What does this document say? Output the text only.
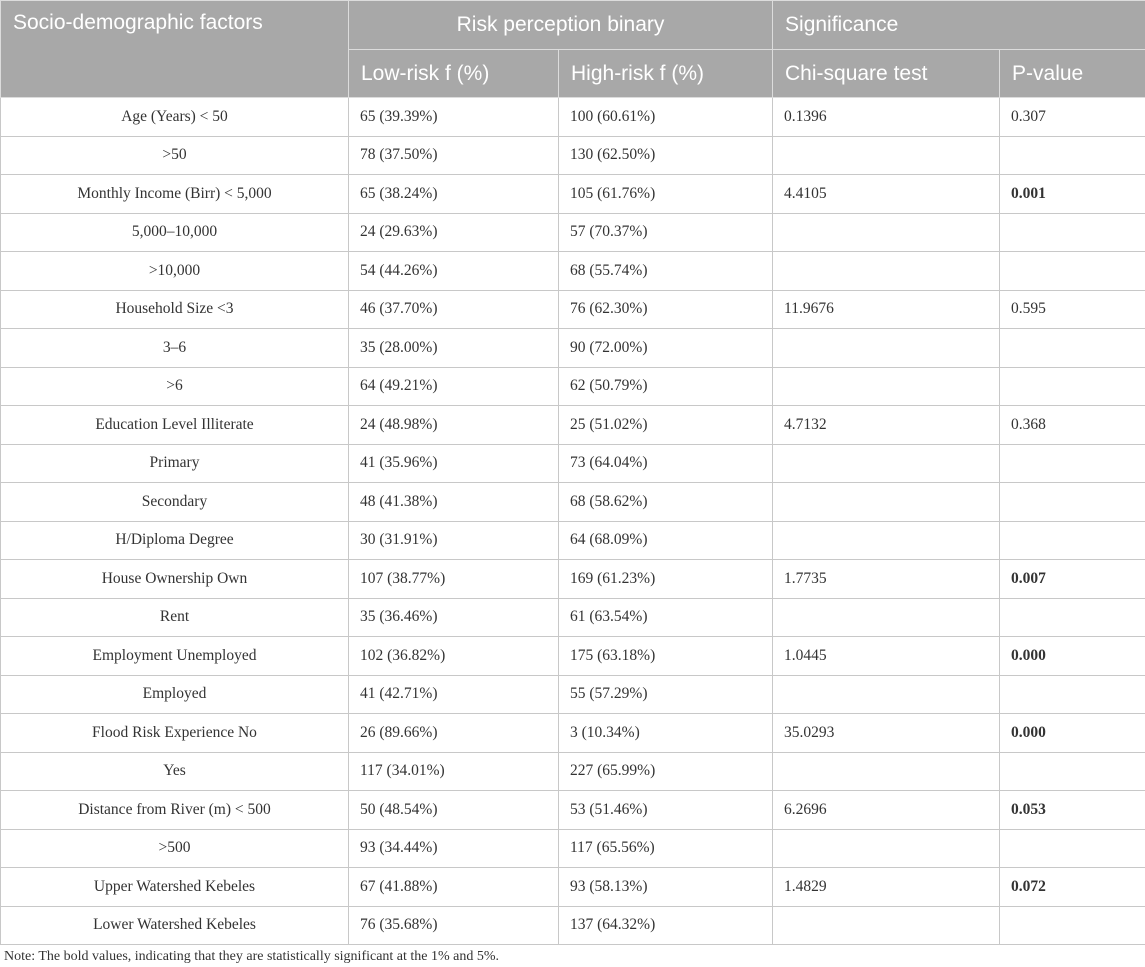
Socio-demographic factors	Risk perception binary		Significance	
	Low-risk f (%)	High-risk f (%)	Chi-square test	P-value
Age (Years) < 50	65 (39.39%)	100 (60.61%)	0.1396	0.307
>50	78 (37.50%)	130 (62.50%)		
Monthly Income (Birr) < 5,000	65 (38.24%)	105 (61.76%)	4.4105	0.001
5,000–10,000	24 (29.63%)	57 (70.37%)		
>10,000	54 (44.26%)	68 (55.74%)		
Household Size <3	46 (37.70%)	76 (62.30%)	11.9676	0.595
3–6	35 (28.00%)	90 (72.00%)		
>6	64 (49.21%)	62 (50.79%)		
Education Level Illiterate	24 (48.98%)	25 (51.02%)	4.7132	0.368
Primary	41 (35.96%)	73 (64.04%)		
Secondary	48 (41.38%)	68 (58.62%)		
H/Diploma Degree	30 (31.91%)	64 (68.09%)		
House Ownership Own	107 (38.77%)	169 (61.23%)	1.7735	0.007
Rent	35 (36.46%)	61 (63.54%)		
Employment Unemployed	102 (36.82%)	175 (63.18%)	1.0445	0.000
Employed	41 (42.71%)	55 (57.29%)		
Flood Risk Experience No	26 (89.66%)	3 (10.34%)	35.0293	0.000
Yes	117 (34.01%)	227 (65.99%)		
Distance from River (m) < 500	50 (48.54%)	53 (51.46%)	6.2696	0.053
>500	93 (34.44%)	117 (65.56%)		
Upper Watershed Kebeles	67 (41.88%)	93 (58.13%)	1.4829	0.072
Lower Watershed Kebeles	76 (35.68%)	137 (64.32%)		
Note: The bold values, indicating that they are statistically significant at the 1% and 5%.
